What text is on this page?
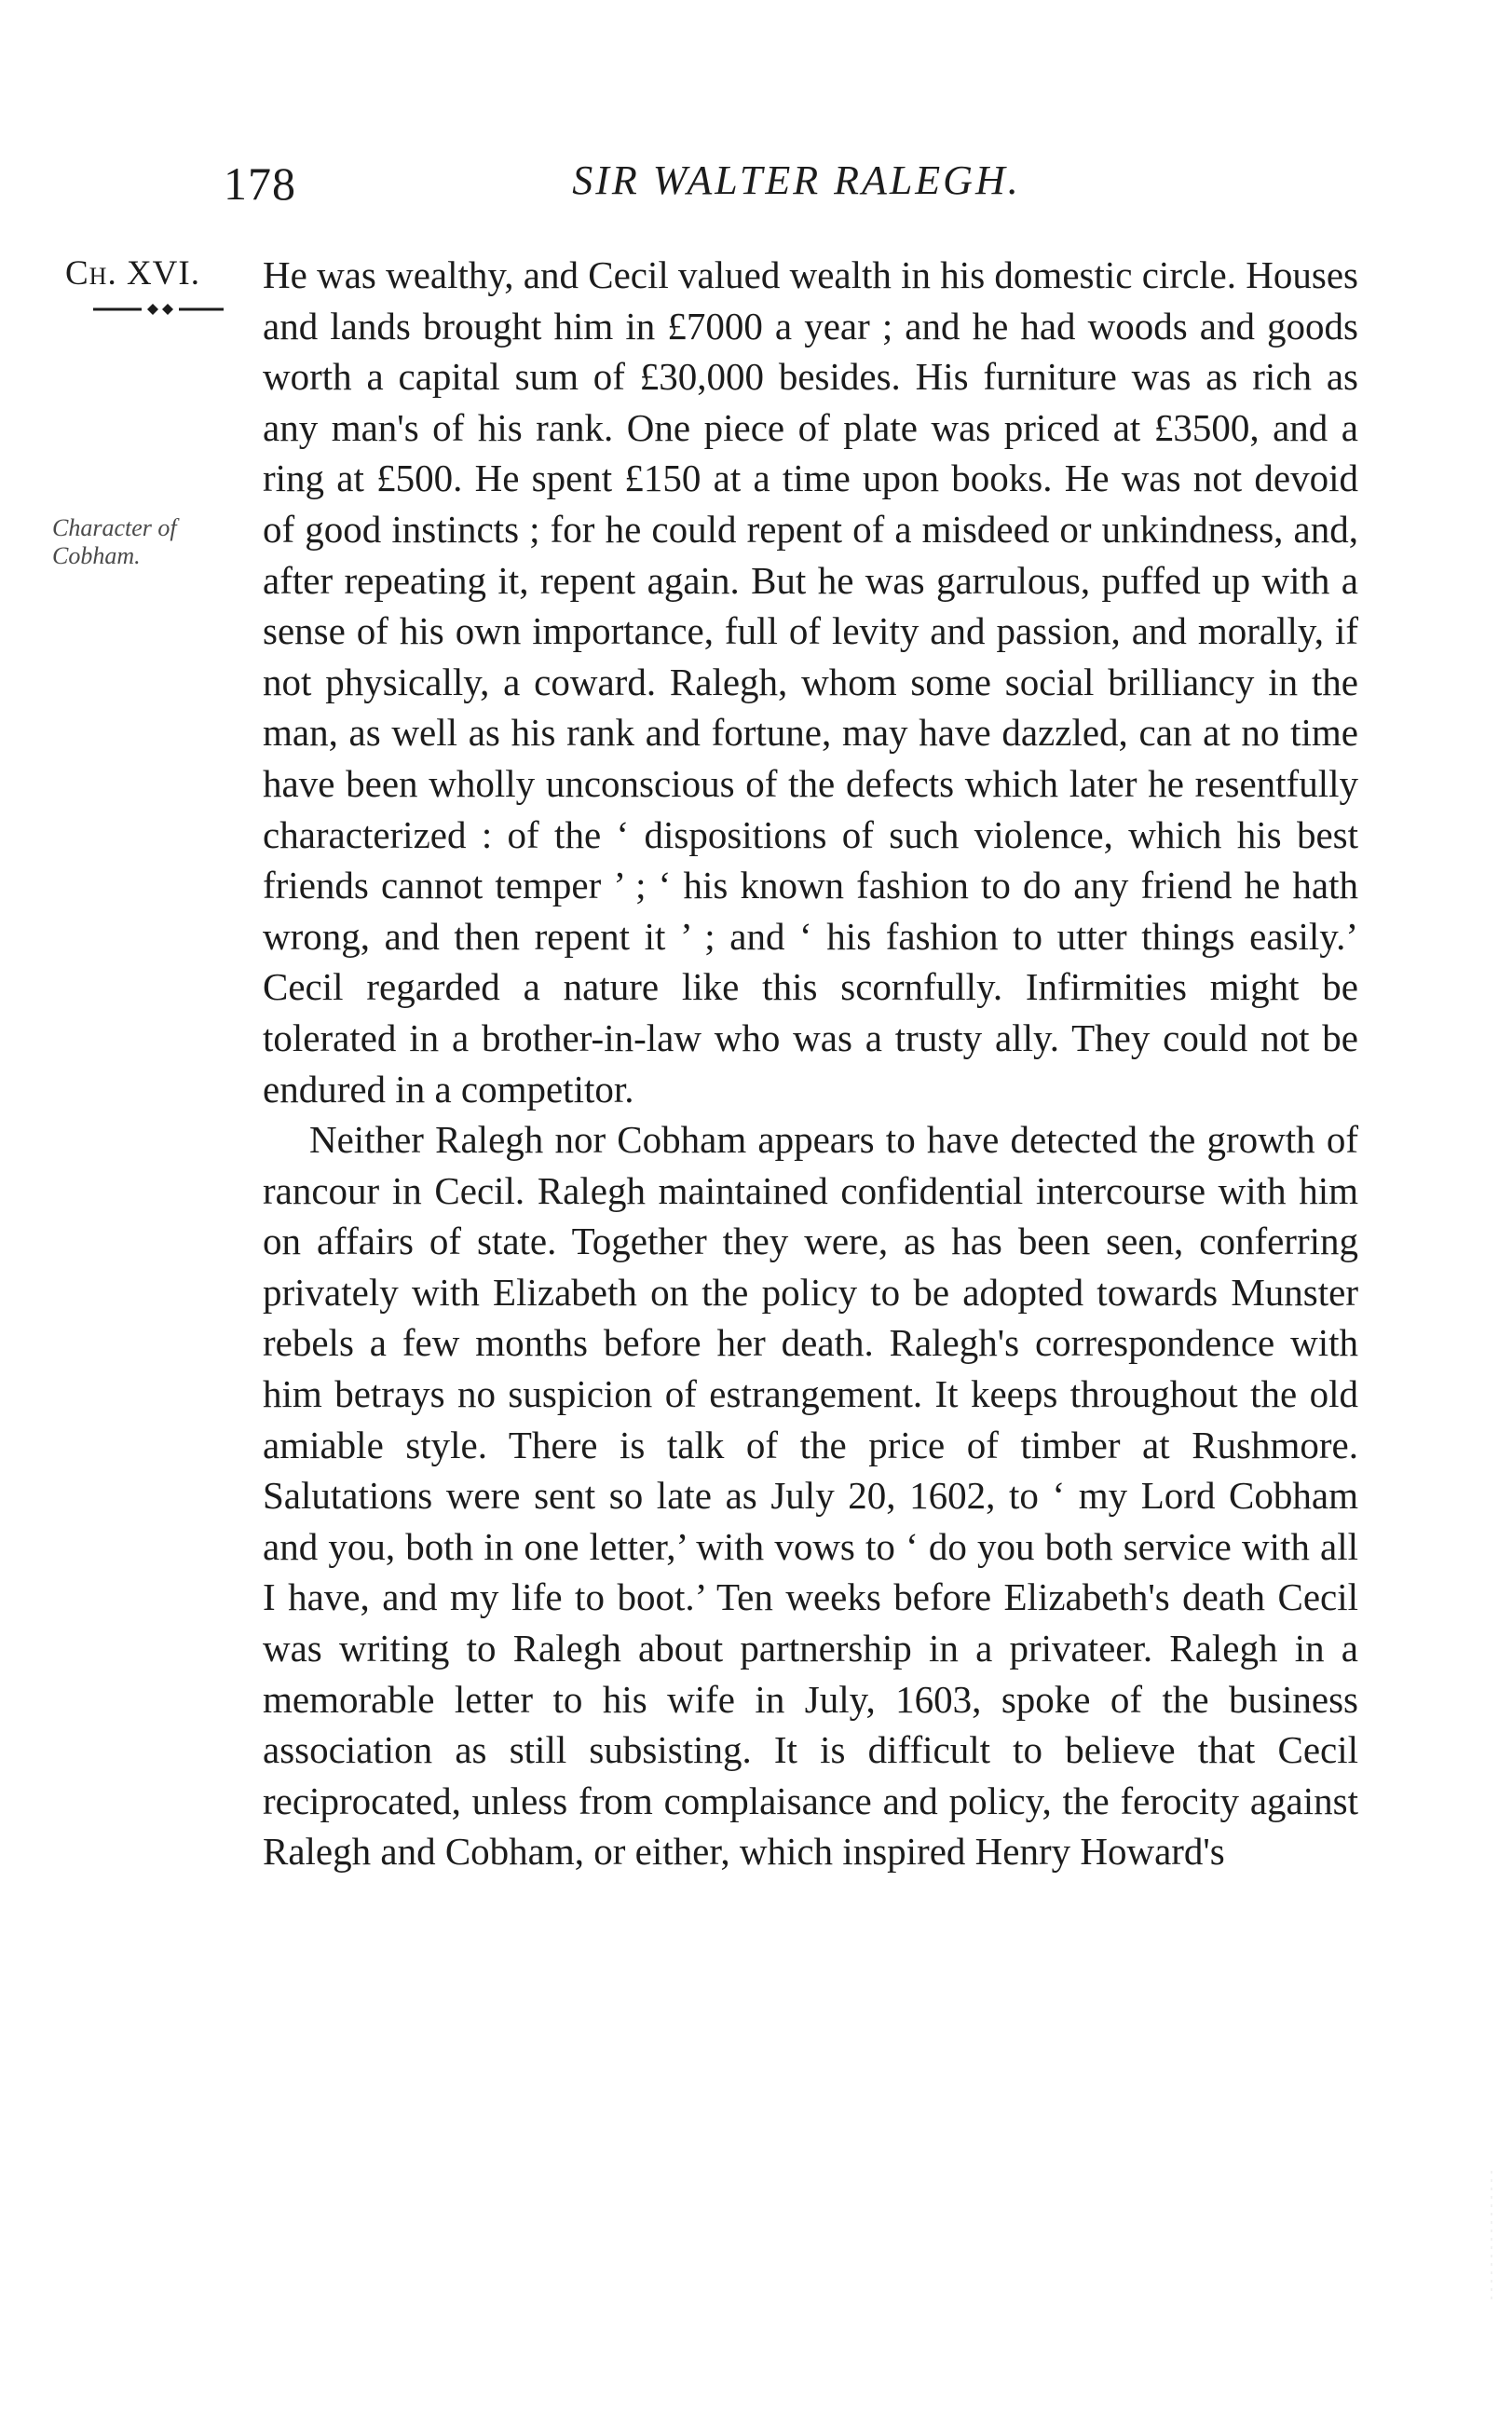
178	SIR WALTER RALEGH.
Ch. XVI.
Character of Cobham.

He was wealthy, and Cecil valued wealth in his domestic circle. Houses and lands brought him in £7000 a year ; and he had woods and goods worth a capital sum of £30,000 besides. His furniture was as rich as any man's of his rank. One piece of plate was priced at £3500, and a ring at £500. He spent £150 at a time upon books. He was not devoid of good instincts ; for he could repent of a misdeed or unkindness, and, after repeating it, repent again. But he was garrulous, puffed up with a sense of his own importance, full of levity and passion, and morally, if not physically, a coward. Ralegh, whom some social brilliancy in the man, as well as his rank and fortune, may have dazzled, can at no time have been wholly unconscious of the defects which later he resentfully characterized : of the ‘ dispositions of such violence, which his best friends cannot temper ’ ; ‘ his known fashion to do any friend he hath wrong, and then repent it ’ ; and ‘ his fashion to utter things easily.’ Cecil regarded a nature like this scornfully. Infirmities might be tolerated in a brother-in-law who was a trusty ally. They could not be endured in a competitor.

Neither Ralegh nor Cobham appears to have detected the growth of rancour in Cecil. Ralegh maintained confidential intercourse with him on affairs of state. Together they were, as has been seen, conferring privately with Elizabeth on the policy to be adopted towards Munster rebels a few months before her death. Ralegh's correspondence with him betrays no suspicion of estrangement. It keeps throughout the old amiable style. There is talk of the price of timber at Rushmore. Salutations were sent so late as July 20, 1602, to ‘ my Lord Cobham and you, both in one letter,’ with vows to ‘ do you both service with all I have, and my life to boot.’ Ten weeks before Elizabeth's death Cecil was writing to Ralegh about partnership in a privateer. Ralegh in a memorable letter to his wife in July, 1603, spoke of the business association as still subsisting. It is difficult to believe that Cecil reciprocated, unless from complaisance and policy, the ferocity against Ralegh and Cobham, or either, which inspired Henry Howard's
